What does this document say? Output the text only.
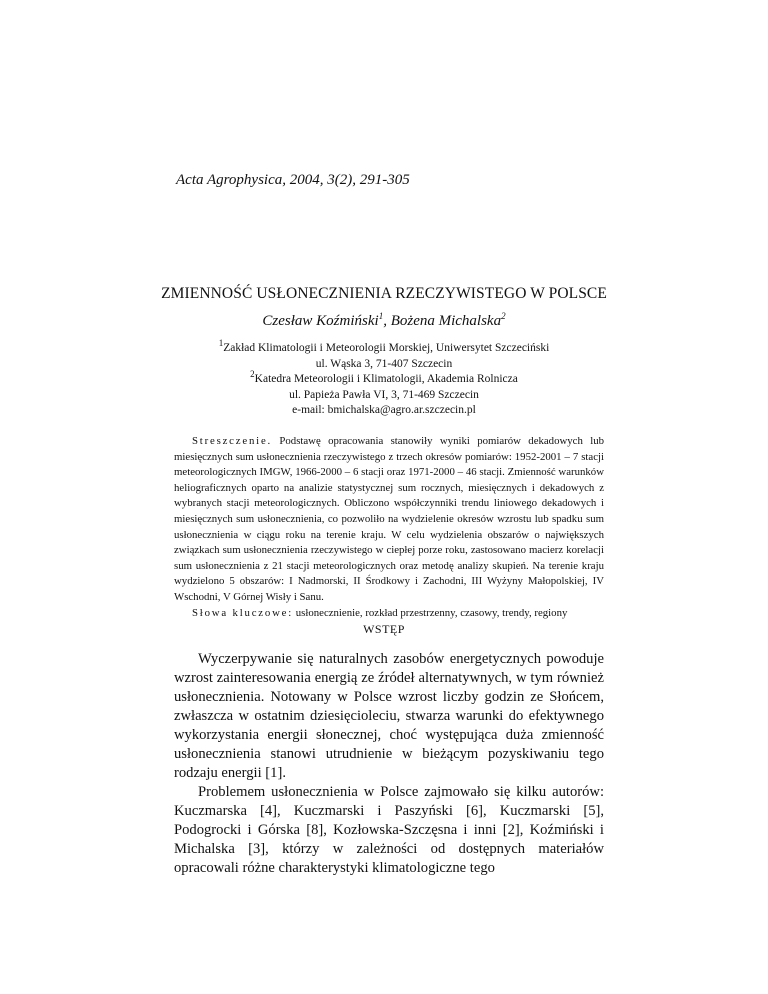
Acta Agrophysica, 2004, 3(2), 291-305
ZMIENNOŚĆ USŁONECZNIENIA RZECZYWISTEGO W POLSCE
Czesław Koźmiński$^1$, Bożena Michalska$^2$
$^1$Zakład Klimatologii i Meteorologii Morskiej, Uniwersytet Szczeciński
ul. Wąska 3, 71-407 Szczecin
$^2$Katedra Meteorologii i Klimatologii, Akademia Rolnicza
ul. Papieża Pawła VI, 3, 71-469 Szczecin
e-mail: bmichalska@agro.ar.szczecin.pl

Streszczenie. Podstawę opracowania stanowiły wyniki pomiarów dekadowych lub miesięcznych sum usłonecznienia rzeczywistego z trzech okresów pomiarów: 1952-2001 – 7 stacji meteorologicznych IMGW, 1966-2000 – 6 stacji oraz 1971-2000 – 46 stacji. Zmienność warunków heliograficznych oparto na analizie statystycznej sum rocznych, miesięcznych i dekadowych z wybranych stacji meteorologicznych. Obliczono współczynniki trendu liniowego dekadowych i miesięcznych sum usłonecznienia, co pozwoliło na wydzielenie okresów wzrostu lub spadku sum usłonecznienia w ciągu roku na terenie kraju. W celu wydzielenia obszarów o największych związkach sum usłonecznienia rzeczywistego w ciepłej porze roku, zastosowano macierz korelacji sum usłonecznienia z 21 stacji meteorologicznych oraz metodę analizy skupień. Na terenie kraju wydzielono 5 obszarów: I Nadmorski, II Środkowy i Zachodni, III Wyżyny Małopolskiej, IV Wschodni, V Górnej Wisły i Sanu.

Słowa kluczowe: usłonecznienie, rozkład przestrzenny, czasowy, trendy, regiony

WSTĘP

Wyczerpywanie się naturalnych zasobów energetycznych powoduje wzrost zainteresowania energią ze źródeł alternatywnych, w tym również usłonecznienia. Notowany w Polsce wzrost liczby godzin ze Słońcem, zwłaszcza w ostatnim dziesięcioleciu, stwarza warunki do efektywnego wykorzystania energii słonecznej, choć występująca duża zmienność usłonecznienia stanowi utrudnienie w bieżącym pozyskiwaniu tego rodzaju energii [1].

Problemem usłonecznienia w Polsce zajmowało się kilku autorów: Kuczmarska [4], Kuczmarski i Paszyński [6], Kuczmarski [5], Podogrocki i Górska [8], Kozłowska-Szczęsna i inni [2], Koźmiński i Michalska [3], którzy w zależności od dostępnych materiałów opracowali różne charakterystyki klimatologiczne tego
